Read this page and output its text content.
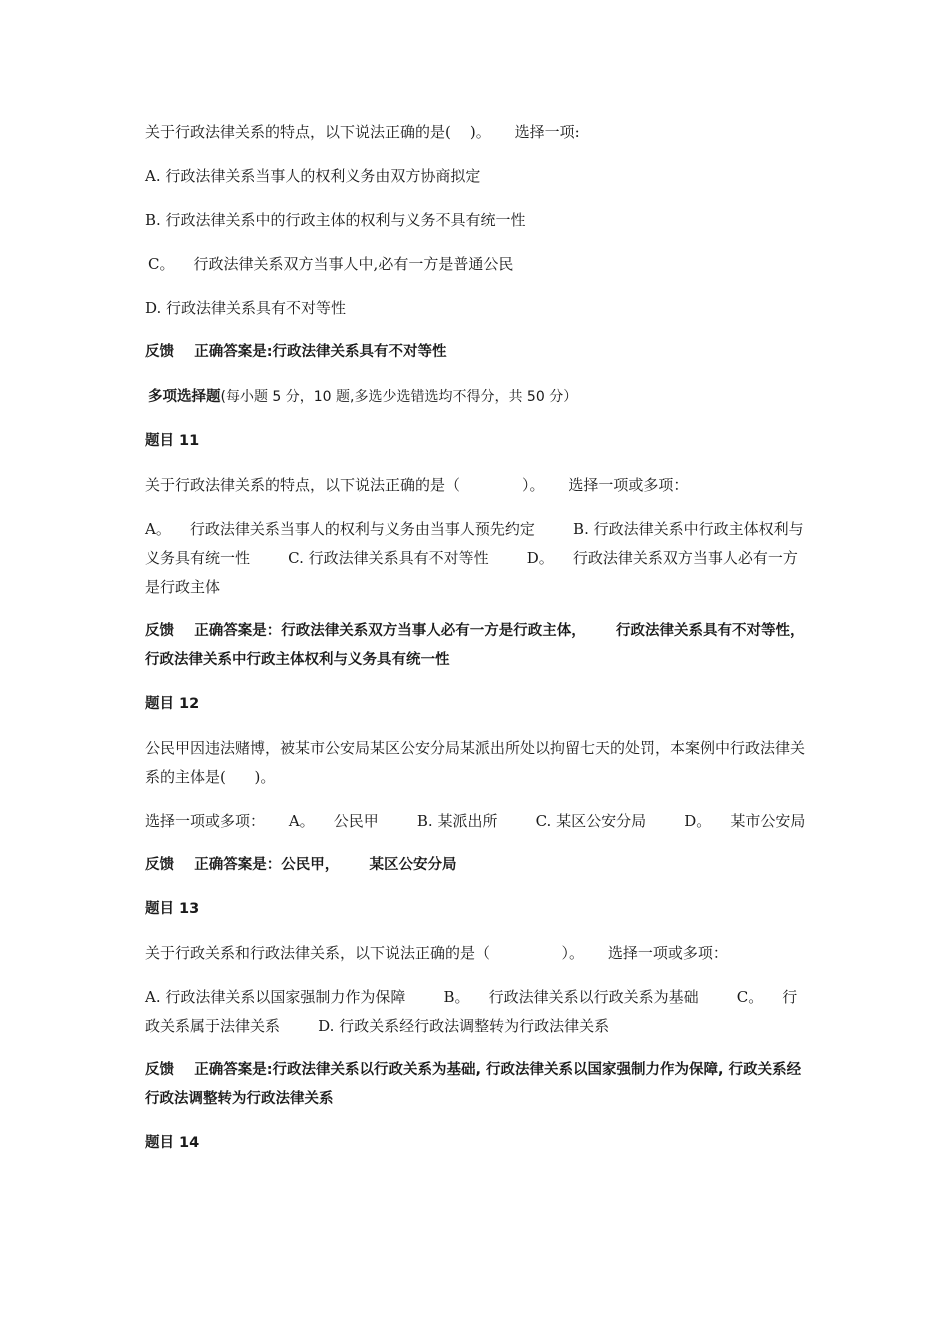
关于行政法律关系的特点，以下说法正确的是(    )。     选择一项:

A. 行政法律关系当事人的权利义务由双方协商拟定

B. 行政法律关系中的行政主体的权利与义务不具有统一性

C。    行政法律关系双方当事人中,必有一方是普通公民

D. 行政法律关系具有不对等性

反馈    正确答案是:行政法律关系具有不对等性

多项选择题(每小题 5 分，10 题,多选少选错选均不得分，共 50 分）

题目 11

关于行政法律关系的特点，以下说法正确的是（             ）。     选择一项或多项：

A。    行政法律关系当事人的权利与义务由当事人预先约定        B. 行政法律关系中行政主体权利与义务具有统一性        C. 行政法律关系具有不对等性        D。    行政法律关系双方当事人必有一方是行政主体

反馈    正确答案是：行政法律关系双方当事人必有一方是行政主体，      行政法律关系具有不对等性，      行政法律关系中行政主体权利与义务具有统一性

题目 12

公民甲因违法赌博，被某市公安局某区公安分局某派出所处以拘留七天的处罚，本案例中行政法律关系的主体是(      )。

选择一项或多项：     A。    公民甲        B. 某派出所        C. 某区公安分局        D。    某市公安局

反馈    正确答案是：公民甲，      某区公安分局

题目 13

关于行政关系和行政法律关系，以下说法正确的是（               ）。     选择一项或多项：

A. 行政法律关系以国家强制力作为保障        B。    行政法律关系以行政关系为基础        C。    行政关系属于法律关系        D. 行政关系经行政法调整转为行政法律关系

反馈    正确答案是:行政法律关系以行政关系为基础, 行政法律关系以国家强制力作为保障, 行政关系经行政法调整转为行政法律关系

题目 14
